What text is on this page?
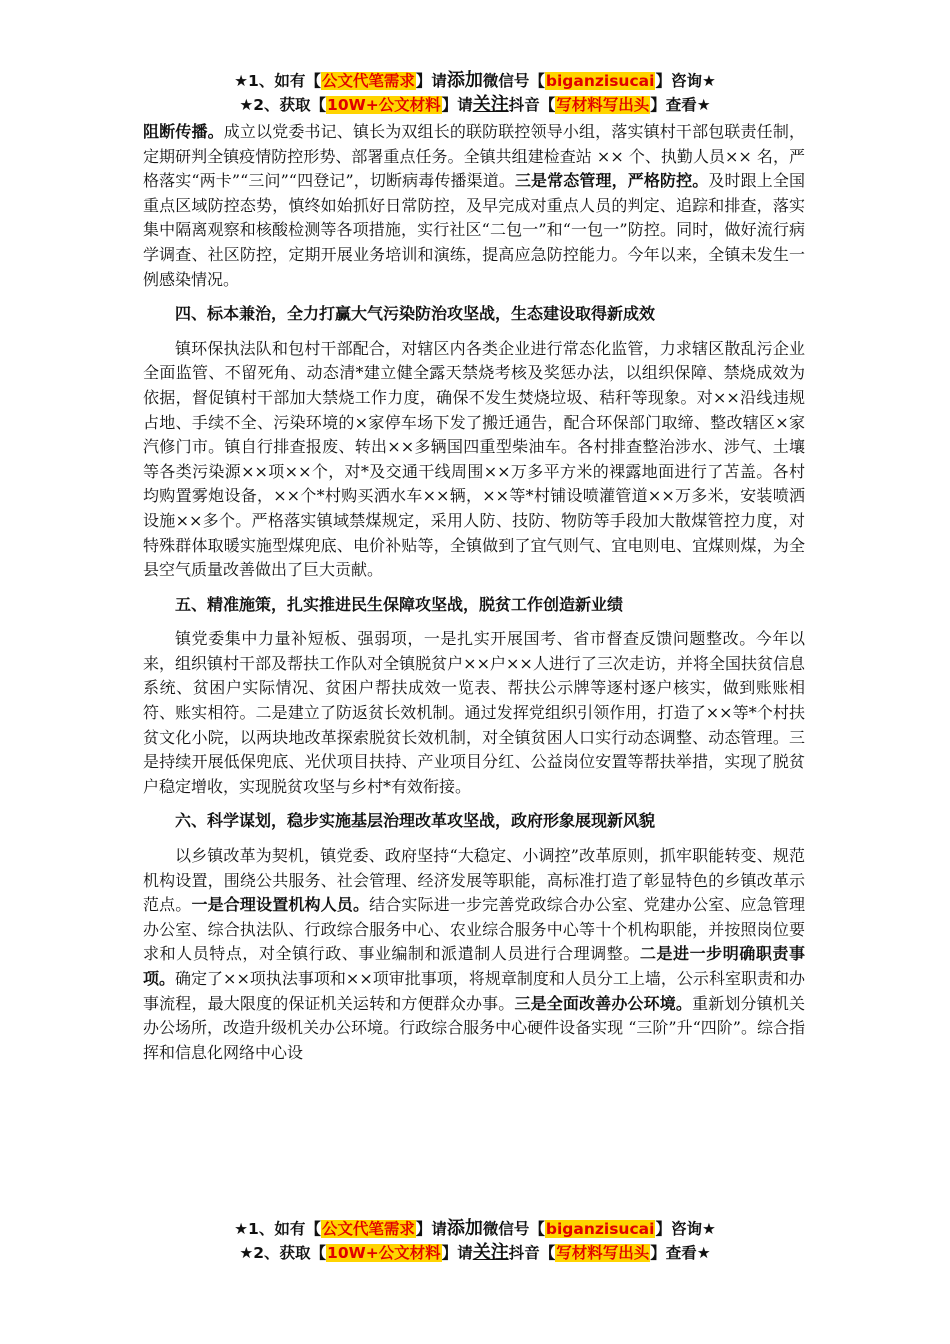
★1、如有【公文代笔需求】请添加微信号【biganzisucai】咨询★
★2、获取【10W+公文材料】请关注抖音【写材料写出头】查看★

阻断传播。成立以党委书记、镇长为双组长的联防联控领导小组，落实镇村干部包联责任制，定期研判全镇疫情防控形势、部署重点任务。全镇共组建检查站 ×× 个、执勤人员×× 名，严格落实“两卡”“三问”“四登记”，切断病毒传播渠道。三是常态管理，严格防控。及时跟上全国重点区域防控态势，慎终如始抓好日常防控，及早完成对重点人员的判定、追踪和排查，落实集中隔离观察和核酸检测等各项措施，实行社区“二包一”和“一包一”防控。同时，做好流行病学调查、社区防控，定期开展业务培训和演练，提高应急防控能力。今年以来，全镇未发生一例感染情况。

四、标本兼治，全力打赢大气污染防治攻坚战，生态建设取得新成效

镇环保执法队和包村干部配合，对辖区内各类企业进行常态化监管，力求辖区散乱污企业全面监管、不留死角、动态清*建立健全露天禁烧考核及奖惩办法，以组织保障、禁烧成效为依据，督促镇村干部加大禁烧工作力度，确保不发生焚烧垃圾、秸秆等现象。对××沿线违规占地、手续不全、污染环境的×家停车场下发了搬迁通告，配合环保部门取缔、整改辖区×家汽修门市。镇自行排查报废、转出××多辆国四重型柴油车。各村排查整治涉水、涉气、土壤等各类污染源××项××个，对*及交通干线周围××万多平方米的裸露地面进行了苫盖。各村均购置雾炮设备，××个*村购买洒水车××辆，××等*村铺设喷灌管道××万多米，安装喷洒设施××多个。严格落实镇域禁煤规定，采用人防、技防、物防等手段加大散煤管控力度，对特殊群体取暖实施型煤兜底、电价补贴等，全镇做到了宜气则气、宜电则电、宜煤则煤，为全县空气质量改善做出了巨大贡献。

五、精准施策，扎实推进民生保障攻坚战，脱贫工作创造新业绩

镇党委集中力量补短板、强弱项，一是扎实开展国考、省市督查反馈问题整改。今年以来，组织镇村干部及帮扶工作队对全镇脱贫户××户××人进行了三次走访，并将全国扶贫信息系统、贫困户实际情况、贫困户帮扶成效一览表、帮扶公示牌等逐村逐户核实，做到账账相符、账实相符。二是建立了防返贫长效机制。通过发挥党组织引领作用，打造了××等*个村扶贫文化小院，以两块地改革探索脱贫长效机制，对全镇贫困人口实行动态调整、动态管理。三是持续开展低保兜底、光伏项目扶持、产业项目分红、公益岗位安置等帮扶举措，实现了脱贫户稳定增收，实现脱贫攻坚与乡村*有效衔接。

六、科学谋划，稳步实施基层治理改革攻坚战，政府形象展现新风貌

以乡镇改革为契机，镇党委、政府坚持“大稳定、小调控”改革原则，抓牢职能转变、规范机构设置，围绕公共服务、社会管理、经济发展等职能，高标准打造了彰显特色的乡镇改革示范点。一是合理设置机构人员。结合实际进一步完善党政综合办公室、党建办公室、应急管理办公室、综合执法队、行政综合服务中心、农业综合服务中心等十个机构职能，并按照岗位要求和人员特点，对全镇行政、事业编制和派遣制人员进行合理调整。二是进一步明确职责事项。确定了××项执法事项和××项审批事项，将规章制度和人员分工上墙，公示科室职责和办事流程，最大限度的保证机关运转和方便群众办事。三是全面改善办公环境。重新划分镇机关办公场所，改造升级机关办公环境。行政综合服务中心硬件设备实现 “三阶”升“四阶”。综合指挥和信息化网络中心设

★1、如有【公文代笔需求】请添加微信号【biganzisucai】咨询★
★2、获取【10W+公文材料】请关注抖音【写材料写出头】查看★
